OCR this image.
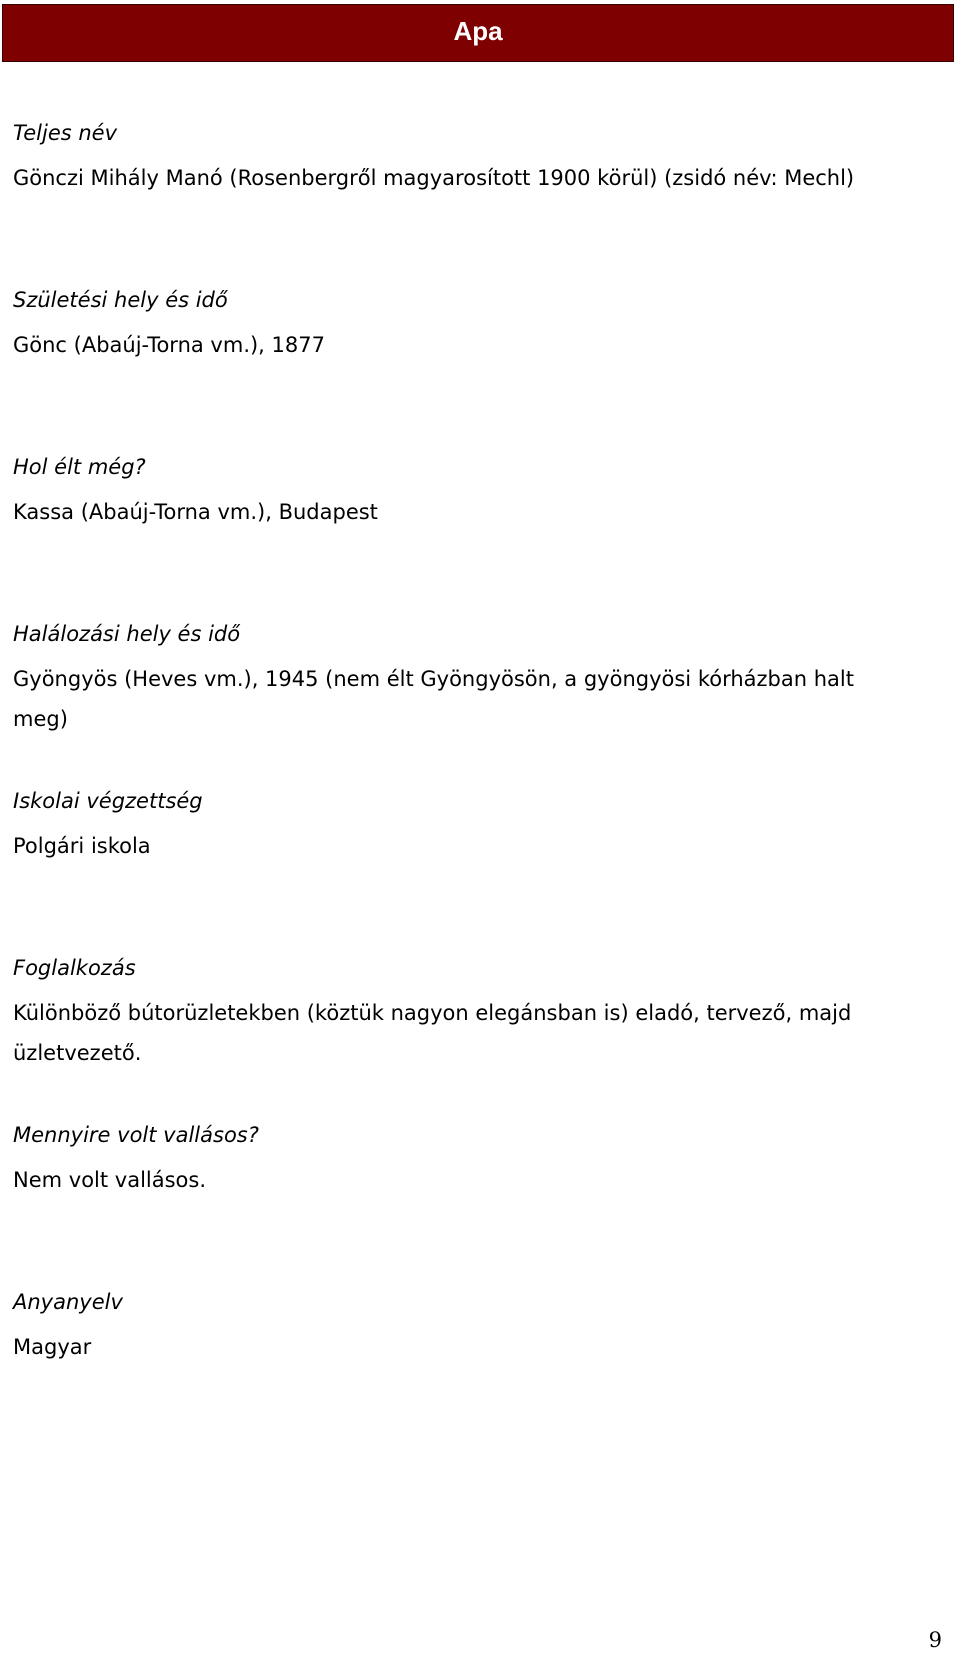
Apa
Teljes név
Gönczi Mihály Manó (Rosenbergről magyarosított 1900 körül) (zsidó név: Mechl)
Születési hely és idő
Gönc (Abaúj-Torna vm.), 1877
Hol élt még?
Kassa (Abaúj-Torna vm.), Budapest
Halálozási hely és idő
Gyöngyös (Heves vm.), 1945 (nem élt Gyöngyösön, a gyöngyösi kórházban halt meg)
Iskolai végzettség
Polgári iskola
Foglalkozás
Különböző bútorüzletekben (köztük nagyon elegánsban is) eladó, tervező, majd üzletvezető.
Mennyire volt vallásos?
Nem volt vallásos.
Anyanyelv
Magyar
9
